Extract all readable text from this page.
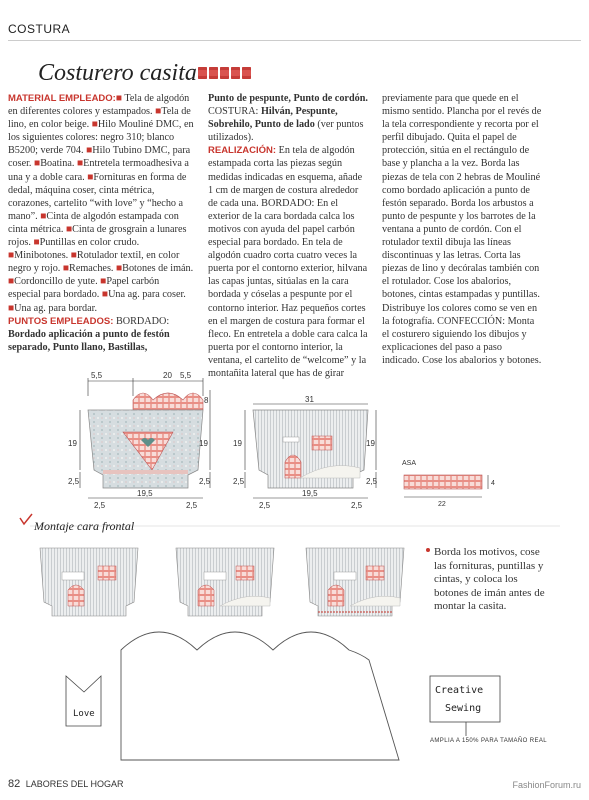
COSTURA
Costurero casita
MATERIAL EMPLEADO:■ Tela de algodón en diferentes colores y estampados. ■Tela de lino, en color beige. ■Hilo Mouliné DMC, en los siguientes colores: negro 310; blanco B5200; verde 704. ■Hilo Tubino DMC, para coser. ■Boatina. ■Entretela termoadhesiva a una y a doble cara. ■Fornituras en forma de dedal, máquina coser, cinta métrica, corazones, cartelito “with love” y “hecho a mano”. ■Cinta de algodón estampada con cinta métrica. ■Cinta de grosgrain a lunares rojos. ■Puntillas en color crudo. ■Minibotones. ■Rotulador textil, en color negro y rojo. ■Remaches. ■Botones de imán. ■Cordoncillo de yute. ■Papel carbón especial para bordado. ■Una ag. para coser. ■Una ag. para bordar.
PUNTOS EMPLEADOS: BORDADO: Bordado aplicación a punto de festón separado, Punto llano, Bastillas,
Punto de pespunte, Punto de cordón. COSTURA: Hilván, Pespunte, Sobrehilo, Punto de lado (ver puntos utilizados).
REALIZACIÓN: En tela de algodón estampada corta las piezas según medidas indicadas en esquema, añade 1 cm de margen de costura alrededor de cada una. BORDADO: En el exterior de la cara bordada calca los motivos con ayuda del papel carbón especial para bordado. En tela de algodón cuadro corta cuatro veces la puerta por el contorno exterior, hilvana las capas juntas, sitúalas en la cara bordada y cóselas a pespunte por el contorno interior. Haz pequeños cortes en el margen de costura para formar el fleco. En entretela a doble cara calca la puerta por el contorno interior, la ventana, el cartelito de “welcome” y la montañita lateral que has de girar
previamente para que quede en el mismo sentido. Plancha por el revés de la tela correspondiente y recorta por el perfil dibujado. Quita el papel de protección, sitúa en el rectángulo de base y plancha a la vez. Borda las piezas de tela con 2 hebras de Mouliné como bordado aplicación a punto de festón separado. Borda los arbustos a punto de pespunte y los barrotes de la ventana a punto de cordón. Con el rotulador textil dibuja las líneas discontinuas y las letras. Corta las piezas de lino y decóralas también con el rotulador. Cose los abalorios, botones, cintas estampadas y puntillas. Distribuye los colores como se ven en la fotografía. CONFECCIÓN: Monta el costurero siguiendo los dibujos y explicaciones del paso a paso indicado. Cose los abalorios y botones.
5,5	20 5,5
8
19	19
2,5	2,5
19,5
2,5	2,5
31
19	19
2,5	2,5
19,5
2,5	2,5
ASA
4
22
Love
Creative
Sewing
Montaje cara frontal
Borda los motivos, cose las fornituras, puntillas y cintas, y coloca los botones de imán antes de montar la casita.
AMPLIA A 150% PARA TAMAÑO REAL
82 LABORES DEL HOGAR	FashionForum.ru
